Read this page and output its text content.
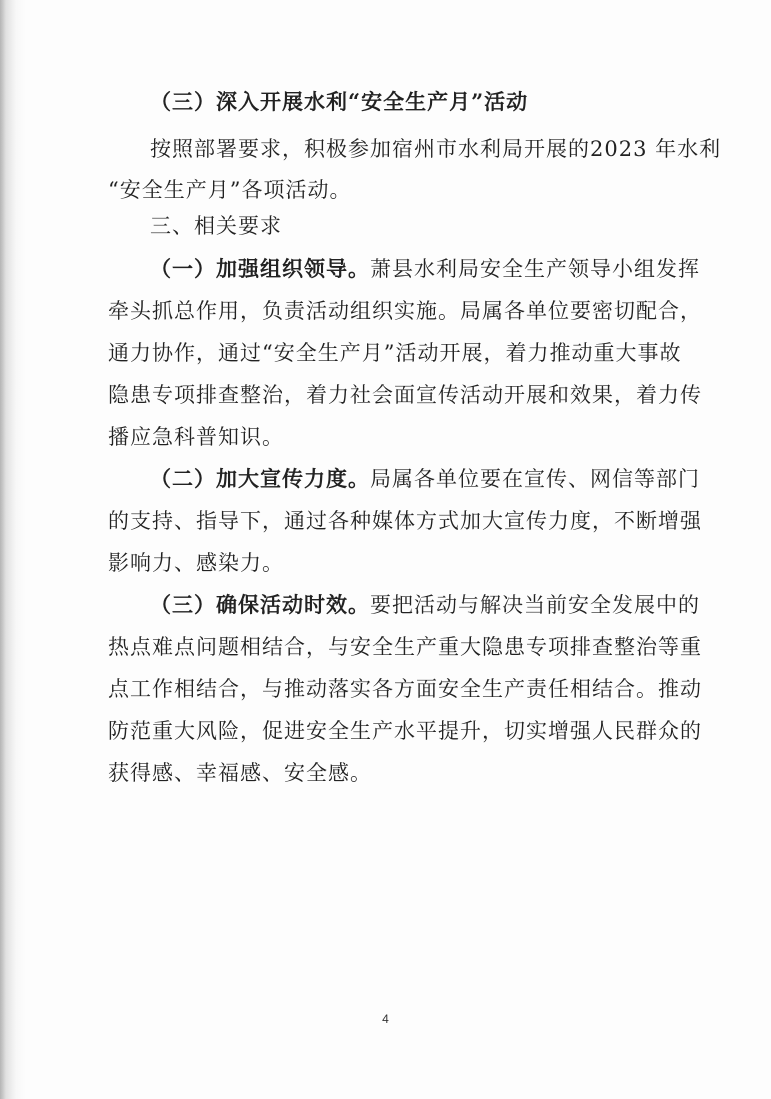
（三）深入开展水利“安全生产月”活动
按照部署要求，积极参加宿州市水利局开展的2023 年水利
“安全生产月”各项活动。
三、相关要求
（一）加强组织领导。萧县水利局安全生产领导小组发挥
牵头抓总作用，负责活动组织实施。局属各单位要密切配合，
通力协作，通过“安全生产月”活动开展，着力推动重大事故
隐患专项排查整治，着力社会面宣传活动开展和效果，着力传
播应急科普知识。
（二）加大宣传力度。局属各单位要在宣传、网信等部门
的支持、指导下，通过各种媒体方式加大宣传力度，不断增强
影响力、感染力。
（三）确保活动时效。要把活动与解决当前安全发展中的
热点难点问题相结合，与安全生产重大隐患专项排查整治等重
点工作相结合，与推动落实各方面安全生产责任相结合。推动
防范重大风险，促进安全生产水平提升，切实增强人民群众的
获得感、幸福感、安全感。
4
